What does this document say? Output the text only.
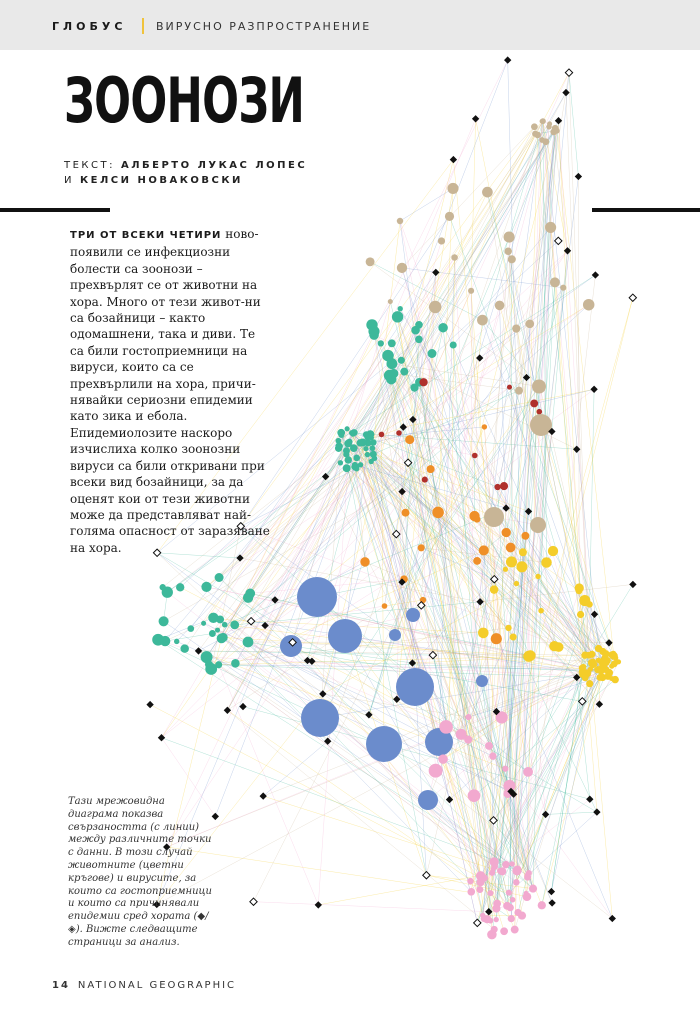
ГЛОБУС	ВИРУСНО РАЗПРОСТРАНЕНИЕ
ЗООНОЗИ
ТЕКСТ: АЛБЕРТО ЛУКАС ЛОПЕС
И КЕЛСИ НОВАКОВСКИ

ТРИ ОТ ВСЕКИ ЧЕТИРИ ново-появили се инфекциозни болести са зоонози – прехвърлят се от животни на хора. Много от тези живот-ни са бозайници – както одомашнени, така и диви. Те са били гостоприемници на вируси, които са се прехвърлили на хора, причи-нявайки сериозни епидемии като зика и ебола. Епидемиолозите наскоро изчислиха колко зоонозни вируси са били откривани при всеки вид бозайници, за да оценят кои от тези животни може да представляват най-голяма опасност от заразяване на хора.

Тази мрежовидна диаграма показва свързаността (с линии) между различните точки с данни. В този случай животните (цветни кръгове) и вирусите, за които са гостоприемници и които са причинявали епидемии сред хората (◆/◈). Вижте следващите страници за анализ.

14 NATIONAL GEOGRAPHIC
